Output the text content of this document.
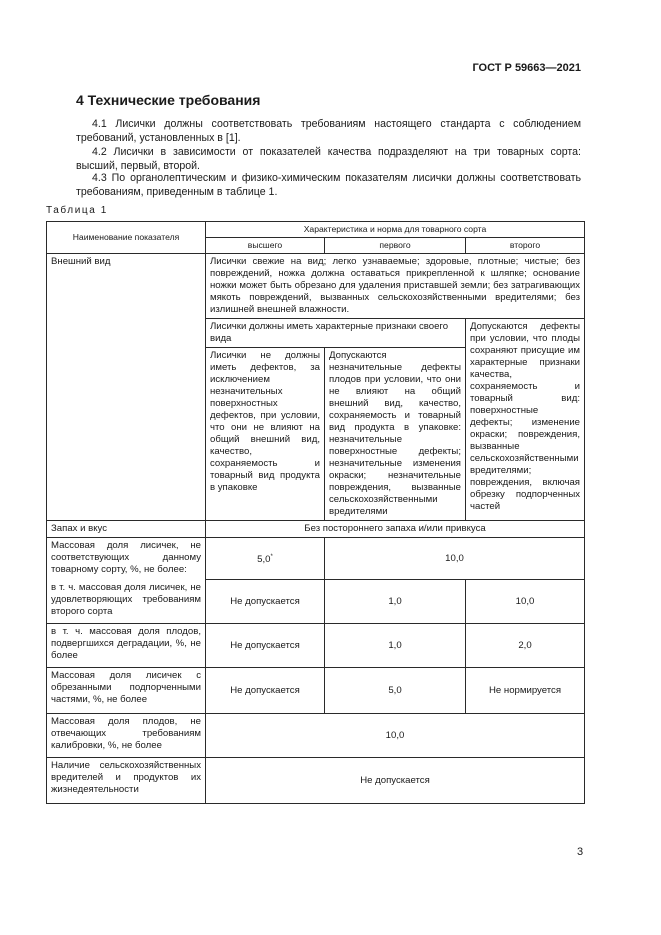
ГОСТ Р 59663—2021
4 Технические требования

4.1 Лисички должны соответствовать требованиям настоящего стандарта с соблюдением требований, установленных в [1].

4.2 Лисички в зависимости от показателей качества подразделяют на три товарных сорта: высший, первый, второй.

4.3 По органолептическим и физико-химическим показателям лисички должны соответствовать требованиям, приведенным в таблице 1.

Таблица 1
Наименование показателя	Характеристика и норма для товарного сорта		
	высшего	первого	второго
Внешний вид	Лисички свежие на вид; легко узнаваемые; здоровые, плотные; чистые; без повреждений, ножка должна оставаться прикрепленной к шляпке; основание ножки может быть обрезано для удаления приставшей земли; без затрагивающих мякоть повреждений, вызванных сельскохозяйственными вредителями; без излишней внешней влажности.		
	Лисички должны иметь характерные признаки своего вида		Допускаются дефекты при условии, что плоды сохраняют присущие им характерные признаки качества, сохраняемость и товарный вид: поверхностные дефекты; изменение окраски; повреждения, вызванные сельскохозяйственными вредителями; повреждения, включая обрезку подпорченных частей
	Лисички не должны иметь дефектов, за исключением незначительных поверхностных дефектов, при условии, что они не влияют на общий внешний вид, качество, сохраняемость и товарный вид продукта в упаковке	Допускаются незначительные дефекты плодов при условии, что они не влияют на общий внешний вид, качество, сохраняемость и товарный вид продукта в упаковке: незначительные поверхностные дефекты; незначительные изменения окраски; незначительные повреждения, вызванные сельскохозяйственными вредителями	
Запах и вкус	Без постороннего запаха и/или привкуса		
Массовая доля лисичек, не соответствующих данному товарному сорту, %, не более:	5,0*	10,0	
в т. ч. массовая доля лисичек, не удовлетворяющих требованиям второго сорта	Не допускается	1,0	10,0
в т. ч. массовая доля плодов, подвергшихся деградации, %, не более	Не допускается	1,0	2,0
Массовая доля лисичек с обрезанными подпорченными частями, %, не более	Не допускается	5,0	Не нормируется
Массовая доля плодов, не отвечающих требованиям калибровки, %, не более	10,0		
Наличие сельскохозяйственных вредителей и продуктов их жизнедеятельности	Не допускается		
3
